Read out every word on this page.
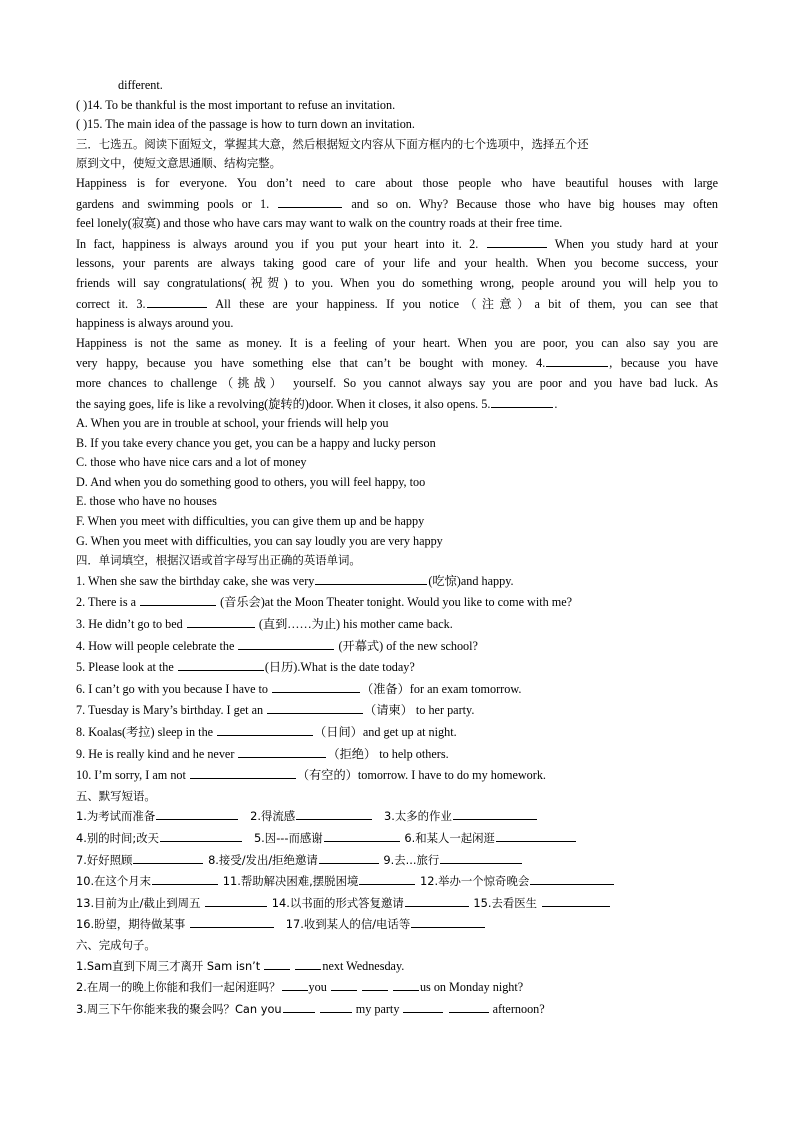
different.
( )14. To be thankful is the most important to refuse an invitation.
( )15. The main idea of the passage is how to turn down an invitation.
三．七选五。阅读下面短文，掌握其大意，然后根据短文内容从下面方框内的七个选项中，选择五个还
原到文中，使短文意思通顺、结构完整。
Happiness is for everyone. You don’t need to care about those people who have beautiful houses with large
gardens and swimming pools or 1.	and so on. Why? Because those who have big houses may often
feel lonely(寂寞) and those who have cars may want to walk on the country roads at their free time.
In fact, happiness is always around you if you put your heart into it. 2.	When you study hard at your
lessons, your parents are always taking good care of your life and your health. When you become success, your
friends will say congratulations(祝贺) to you. When you do something wrong, people around you will help you to
correct it. 3.	All these are your happiness. If you notice（注意）a bit of them, you can see that
happiness is always around you.
Happiness is not the same as money. It is a feeling of your heart. When you are poor, you can also say you are
very happy, because you have something else that can’t be bought with money. 4.	, because you have
more chances to challenge（挑战） yourself. So you cannot always say you are poor and you have bad luck. As
the saying goes, life is like a revolving(旋转的)door. When it closes, it also opens. 5.	.
A. When you are in trouble at school, your friends will help you
B. If you take every chance you get, you can be a happy and lucky person
C. those who have nice cars and a lot of money
D. And when you do something good to others, you will feel happy, too
E. those who have no houses
F. When you meet with difficulties, you can give them up and be happy
G. When you meet with difficulties, you can say loudly you are very happy
四．单词填空，根据汉语或首字母写出正确的英语单词。
1. When she saw the birthday cake, she was very	(吃惊)and happy.
2. There is a	(音乐会)at the Moon Theater tonight. Would you like to come with me?
3. He didn’t go to bed	(直到……为止) his mother came back.
4. How will people celebrate the	(开幕式) of the new school?
5. Please look at the	(日历).What is the date today?
6. I can’t go with you because I have to	（准备）for an exam tomorrow.
7. Tuesday is Mary’s birthday. I get an	（请柬） to her party.
8. Koalas(考拉) sleep in the	（日间）and get up at night.
9. He is really kind and he never	（拒绝） to help others.
10. I’m sorry, I am not	（有空的）tomorrow. I have to do my homework.
五、默写短语。
1.为考试而准备	2.得流感	3.太多的作业
4.别的时间;改天	5.因---而感谢	6.和某人一起闲逛
7.好好照顾	8.接受/发出/拒绝邀请	9.去...旅行
10.在这个月末	11.帮助解决困难,摆脱困境	12.举办一个惊奇晚会
13.目前为止/截止到周五	14.以书面的形式答复邀请	15.去看医生
16.盼望，期待做某事	17.收到某人的信/电话等
六、完成句子。
1.Sam直到下周三才离开 Sam isn’t	next Wednesday.
2.在周一的晚上你能和我们一起闲逛吗？ you	us on Monday night?
3.周三下午你能来我的聚会吗？Can you	my party	afternoon?
